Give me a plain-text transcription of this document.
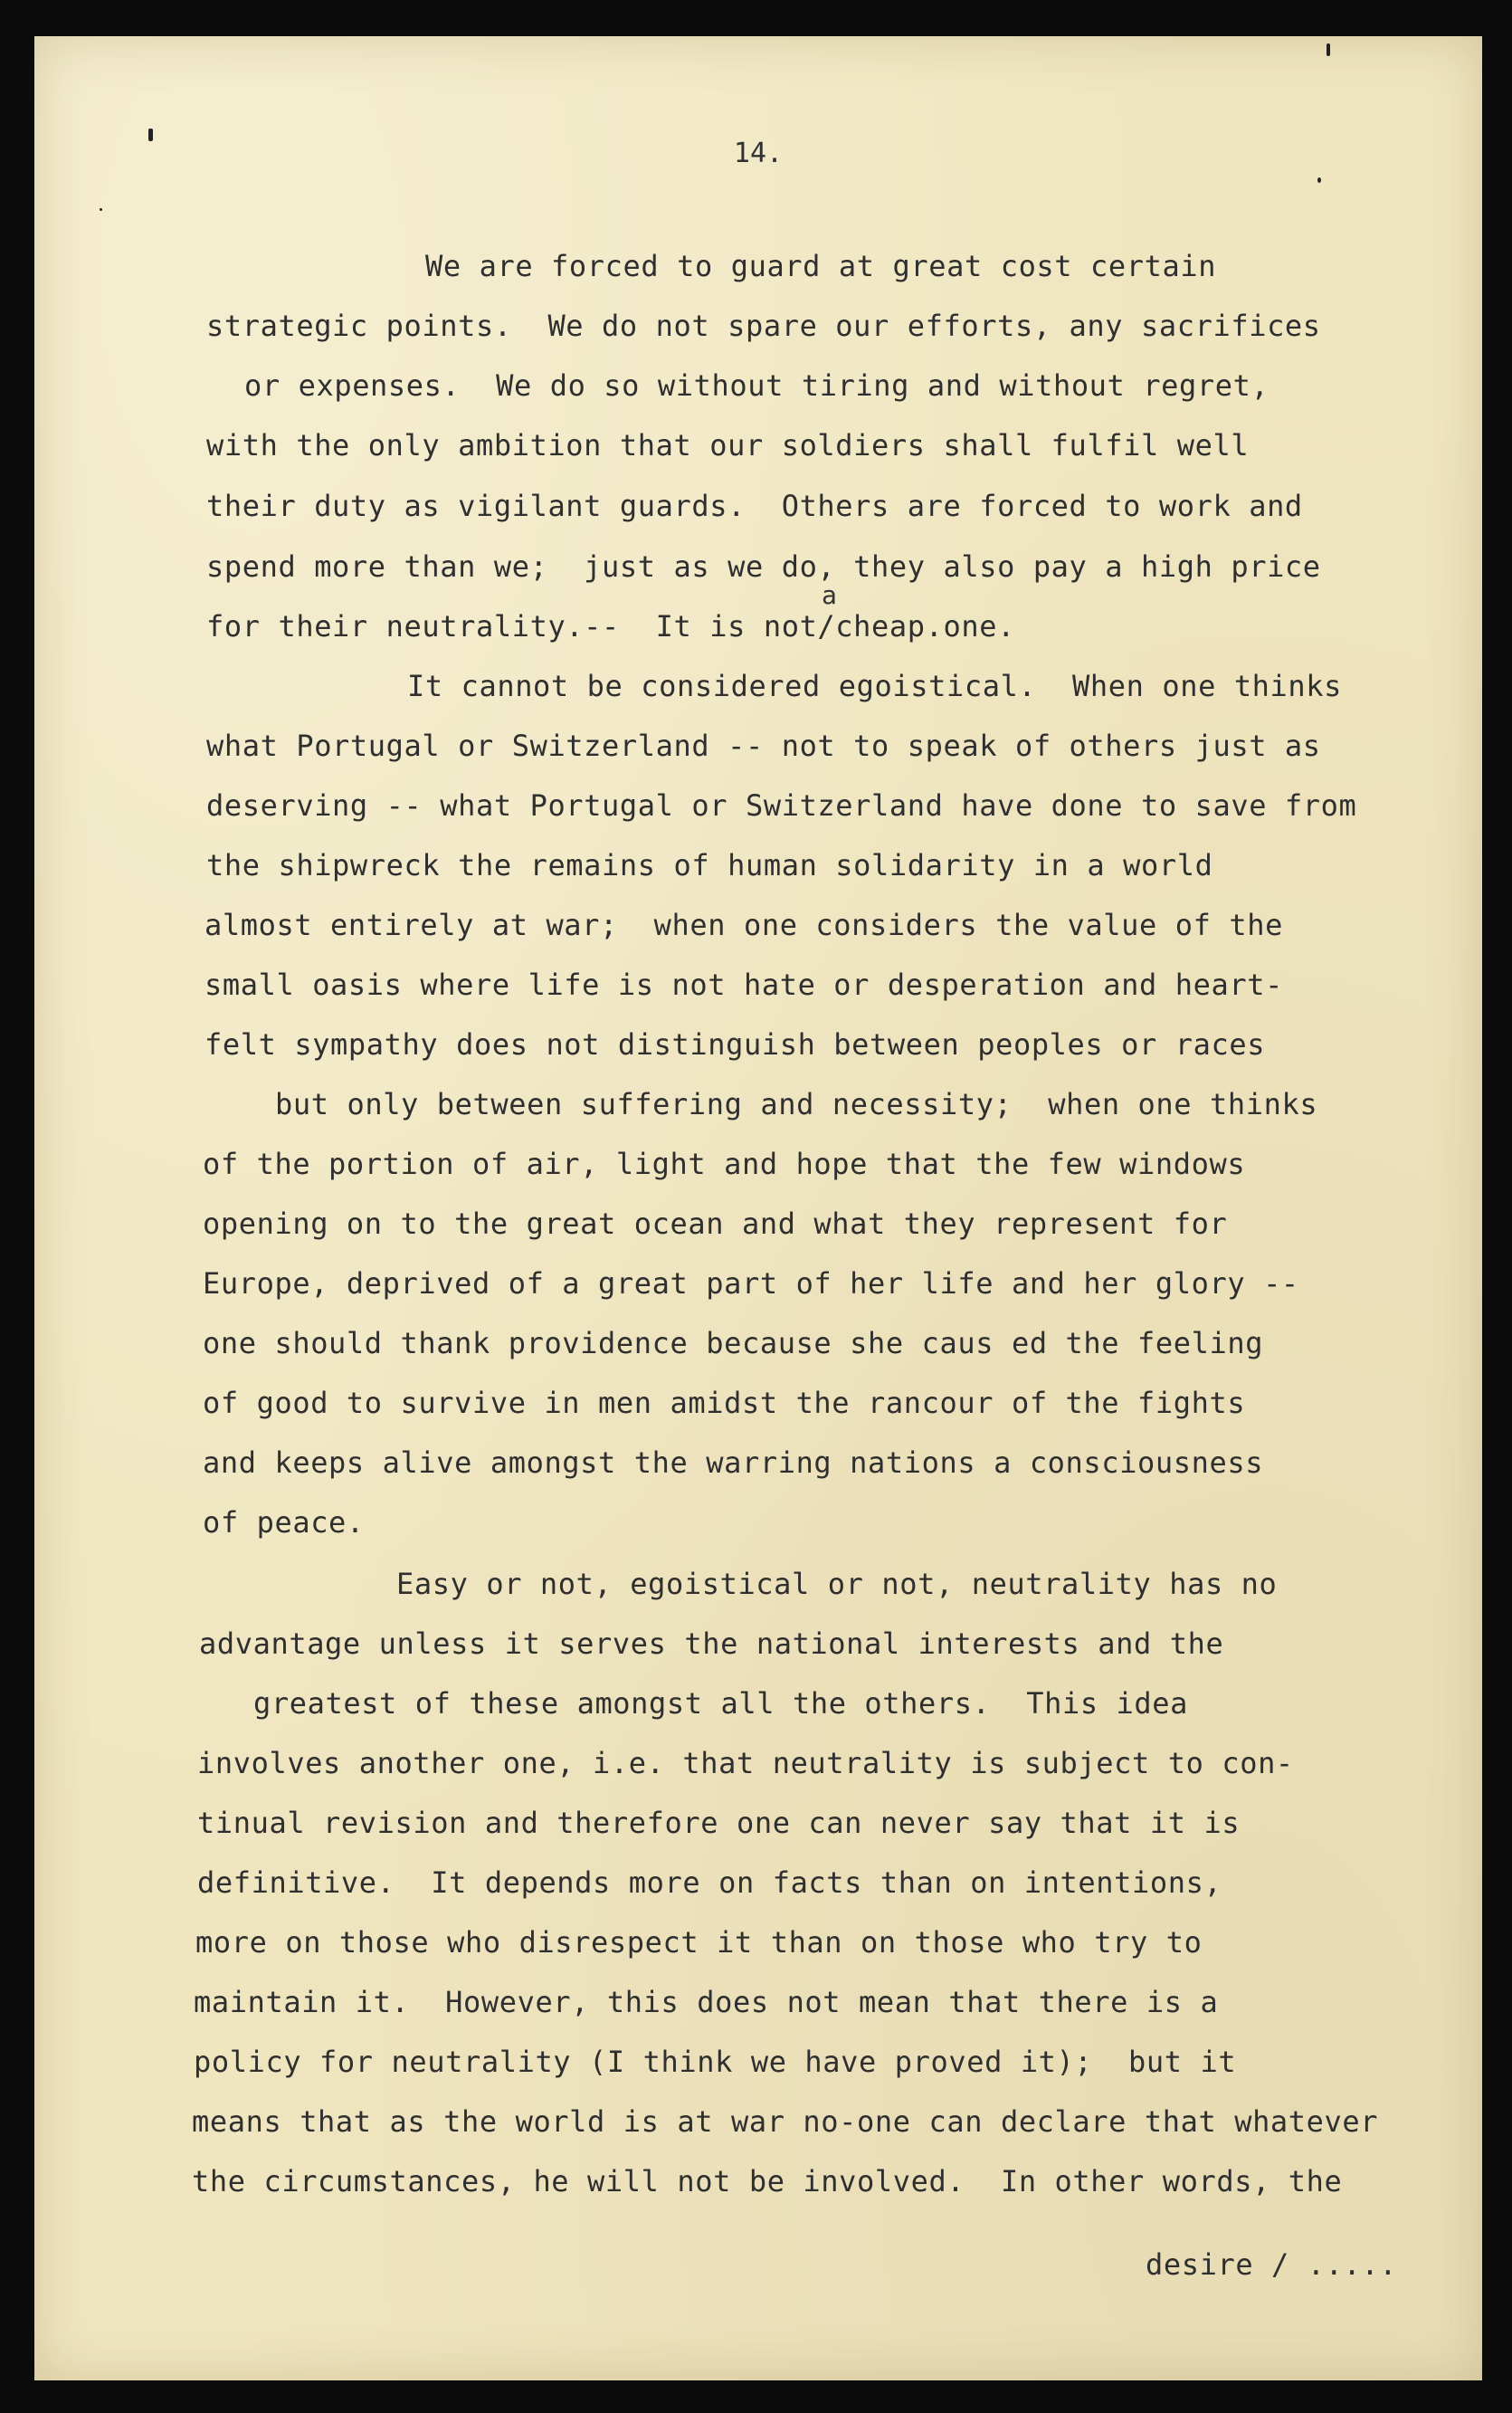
14.
We are forced to guard at great cost certain
strategic points.  We do not spare our efforts, any sacrifices
or expenses.  We do so without tiring and without regret,
with the only ambition that our soldiers shall fulfil well
their duty as vigilant guards.  Others are forced to work and
spend more than we;  just as we do, they also pay a high price
a
for their neutrality.--  It is not/cheap.one.
It cannot be considered egoistical.  When one thinks
what Portugal or Switzerland -- not to speak of others just as
deserving -- what Portugal or Switzerland have done to save from
the shipwreck the remains of human solidarity in a world
almost entirely at war;  when one considers the value of the
small oasis where life is not hate or desperation and heart-
felt sympathy does not distinguish between peoples or races
but only between suffering and necessity;  when one thinks
of the portion of air, light and hope that the few windows
opening on to the great ocean and what they represent for
Europe, deprived of a great part of her life and her glory --
one should thank providence because she caus ed the feeling
of good to survive in men amidst the rancour of the fights
and keeps alive amongst the warring nations a consciousness
of peace.
Easy or not, egoistical or not, neutrality has no
advantage unless it serves the national interests and the
greatest of these amongst all the others.  This idea
involves another one, i.e. that neutrality is subject to con-
tinual revision and therefore one can never say that it is
definitive.  It depends more on facts than on intentions,
more on those who disrespect it than on those who try to
maintain it.  However, this does not mean that there is a
policy for neutrality (I think we have proved it);  but it
means that as the world is at war no-one can declare that whatever
the circumstances, he will not be involved.  In other words, the
desire / .....
